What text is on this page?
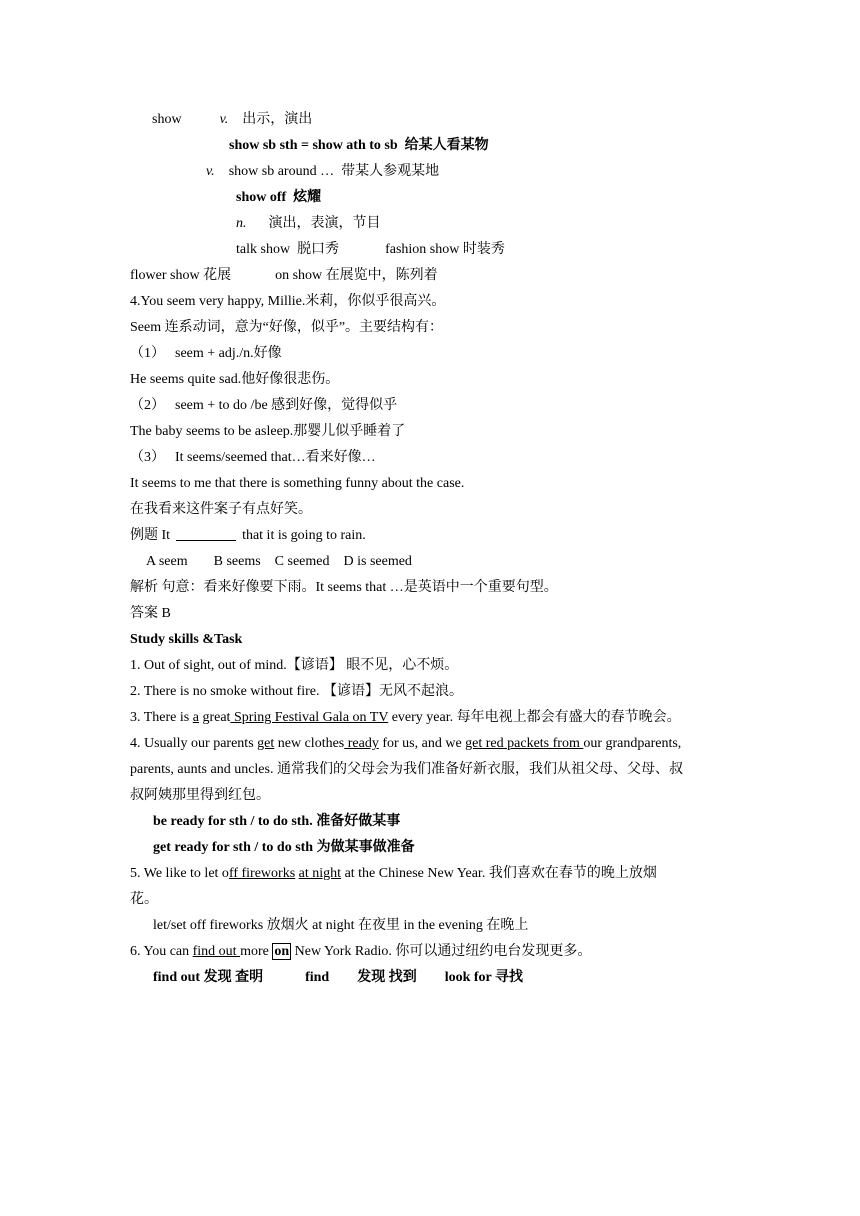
show	v. 出示，演出
show sb sth = show ath to sb 给某人看某物
v. show sb around … 带某人参观某地
show off 炫耀
n. 演出，表演，节目
talk show 脱口秀	fashion show 时装秀
flower show 花展	on show 在展览中，陈列着
4.You seem very happy, Millie.米莉，你似乎很高兴。
Seem 连系动词，意为“好像，似乎”。主要结构有：
（1） seem + adj./n.好像
He seems quite sad.他好像很悲伤。
（2） seem + to do /be 感到好像，觉得似乎
The baby seems to be asleep.那婴儿似乎睡着了
（3） It seems/seemed that…看来好像…
It seems to me that there is something funny about the case.
在我看来这件案子有点好笑。
例题 It	that it is going to rain.
A seem B seems C seemed D is seemed
解析 句意：看来好像要下雨。It seems that …是英语中一个重要句型。
答案 B
Study skills &Task
1. Out of sight, out of mind.【谚语】 眼不见，心不烦。
2. There is no smoke without fire. 【谚语】无风不起浪。
3. There is a great Spring Festival Gala on TV every year. 每年电视上都会有盛大的春节晚会。
4. Usually our parents get new clothes ready for us, and we get red packets from our grandparents,
parents, aunts and uncles. 通常我们的父母会为我们准备好新衣服，我们从祖父母、父母、叔
叔阿姨那里得到红包。
be ready for sth / to do sth. 准备好做某事
get ready for sth / to do sth 为做某事做准备
5. We like to let off fireworks at night at the Chinese New Year. 我们喜欢在春节的晚上放烟
花。
let/set off fireworks 放烟火 at night 在夜里 in the evening 在晚上
6. You can find out more on New York Radio. 你可以通过纽约电台发现更多。
find out 发现 查明	find 发现 找到 look for 寻找
